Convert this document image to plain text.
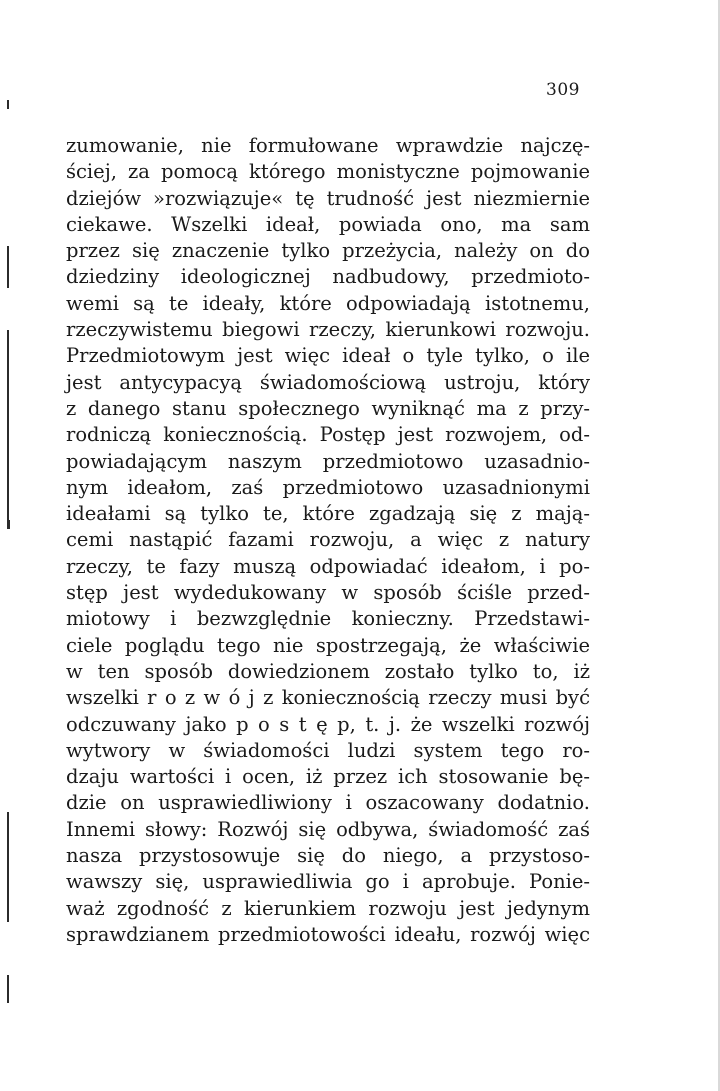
309
zumowanie, nie formułowane wprawdzie najczę-
ściej, za pomocą którego monistyczne pojmowanie
dziejów »rozwiązuje« tę trudność jest niezmiernie
ciekawe. Wszelki ideał, powiada ono, ma sam
przez się znaczenie tylko przeżycia, należy on do
dziedziny ideologicznej nadbudowy, przedmioto-
wemi są te ideały, które odpowiadają istotnemu,
rzeczywistemu biegowi rzeczy, kierunkowi rozwoju.
Przedmiotowym jest więc ideał o tyle tylko, o ile
jest antycypacyą świadomościową ustroju, który
z danego stanu społecznego wyniknąć ma z przy-
rodniczą koniecznością. Postęp jest rozwojem, od-
powiadającym naszym przedmiotowo uzasadnio-
nym ideałom, zaś przedmiotowo uzasadnionymi
ideałami są tylko te, które zgadzają się z mają-
cemi nastąpić fazami rozwoju, a więc z natury
rzeczy, te fazy muszą odpowiadać ideałom, i po-
stęp jest wydedukowany w sposób ściśle przed-
miotowy i bezwzględnie konieczny. Przedstawi-
ciele poglądu tego nie spostrzegają, że właściwie
w ten sposób dowiedzionem zostało tylko to, iż
wszelki r o z w ó j z koniecznością rzeczy musi być
odczuwany jako p o s t ę p, t. j. że wszelki rozwój
wytwory w świadomości ludzi system tego ro-
dzaju wartości i ocen, iż przez ich stosowanie bę-
dzie on usprawiedliwiony i oszacowany dodatnio.
Innemi słowy: Rozwój się odbywa, świadomość zaś
nasza przystosowuje się do niego, a przystoso-
wawszy się, usprawiedliwia go i aprobuje. Ponie-
waż zgodność z kierunkiem rozwoju jest jedynym
sprawdzianem przedmiotowości ideału, rozwój więc
